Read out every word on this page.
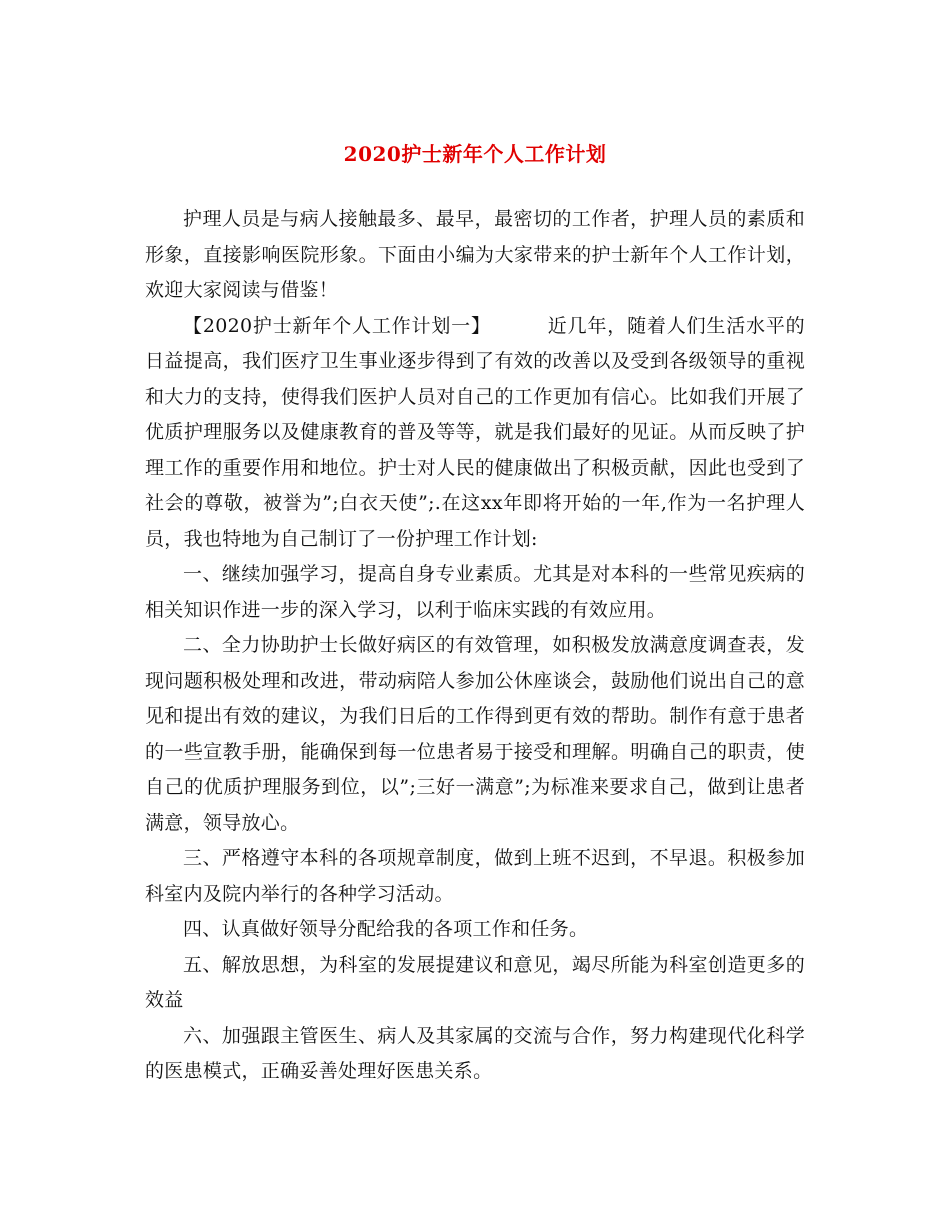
2020护士新年个人工作计划

护理人员是与病人接触最多、最早，最密切的工作者，护理人员的素质和形象，直接影响医院形象。下面由小编为大家带来的护士新年个人工作计划，欢迎大家阅读与借鉴！

【2020护士新年个人工作计划一】	近几年，随着人们生活水平的日益提高，我们医疗卫生事业逐步得到了有效的改善以及受到各级领导的重视和大力的支持，使得我们医护人员对自己的工作更加有信心。比如我们开展了优质护理服务以及健康教育的普及等等，就是我们最好的见证。从而反映了护理工作的重要作用和地位。护士对人民的健康做出了积极贡献，因此也受到了社会的尊敬，被誉为”;白衣天使”;.在这xx年即将开始的一年,作为一名护理人员，我也特地为自己制订了一份护理工作计划:

一、继续加强学习，提高自身专业素质。尤其是对本科的一些常见疾病的相关知识作进一步的深入学习，以利于临床实践的有效应用。

二、全力协助护士长做好病区的有效管理，如积极发放满意度调查表，发现问题积极处理和改进，带动病陪人参加公休座谈会，鼓励他们说出自己的意见和提出有效的建议，为我们日后的工作得到更有效的帮助。制作有意于患者的一些宣教手册，能确保到每一位患者易于接受和理解。明确自己的职责，使自己的优质护理服务到位，以”;三好一满意”;为标准来要求自己，做到让患者满意，领导放心。

三、严格遵守本科的各项规章制度，做到上班不迟到，不早退。积极参加科室内及院内举行的各种学习活动。

四、认真做好领导分配给我的各项工作和任务。

五、解放思想，为科室的发展提建议和意见，竭尽所能为科室创造更多的效益

六、加强跟主管医生、病人及其家属的交流与合作，努力构建现代化科学的医患模式，正确妥善处理好医患关系。
